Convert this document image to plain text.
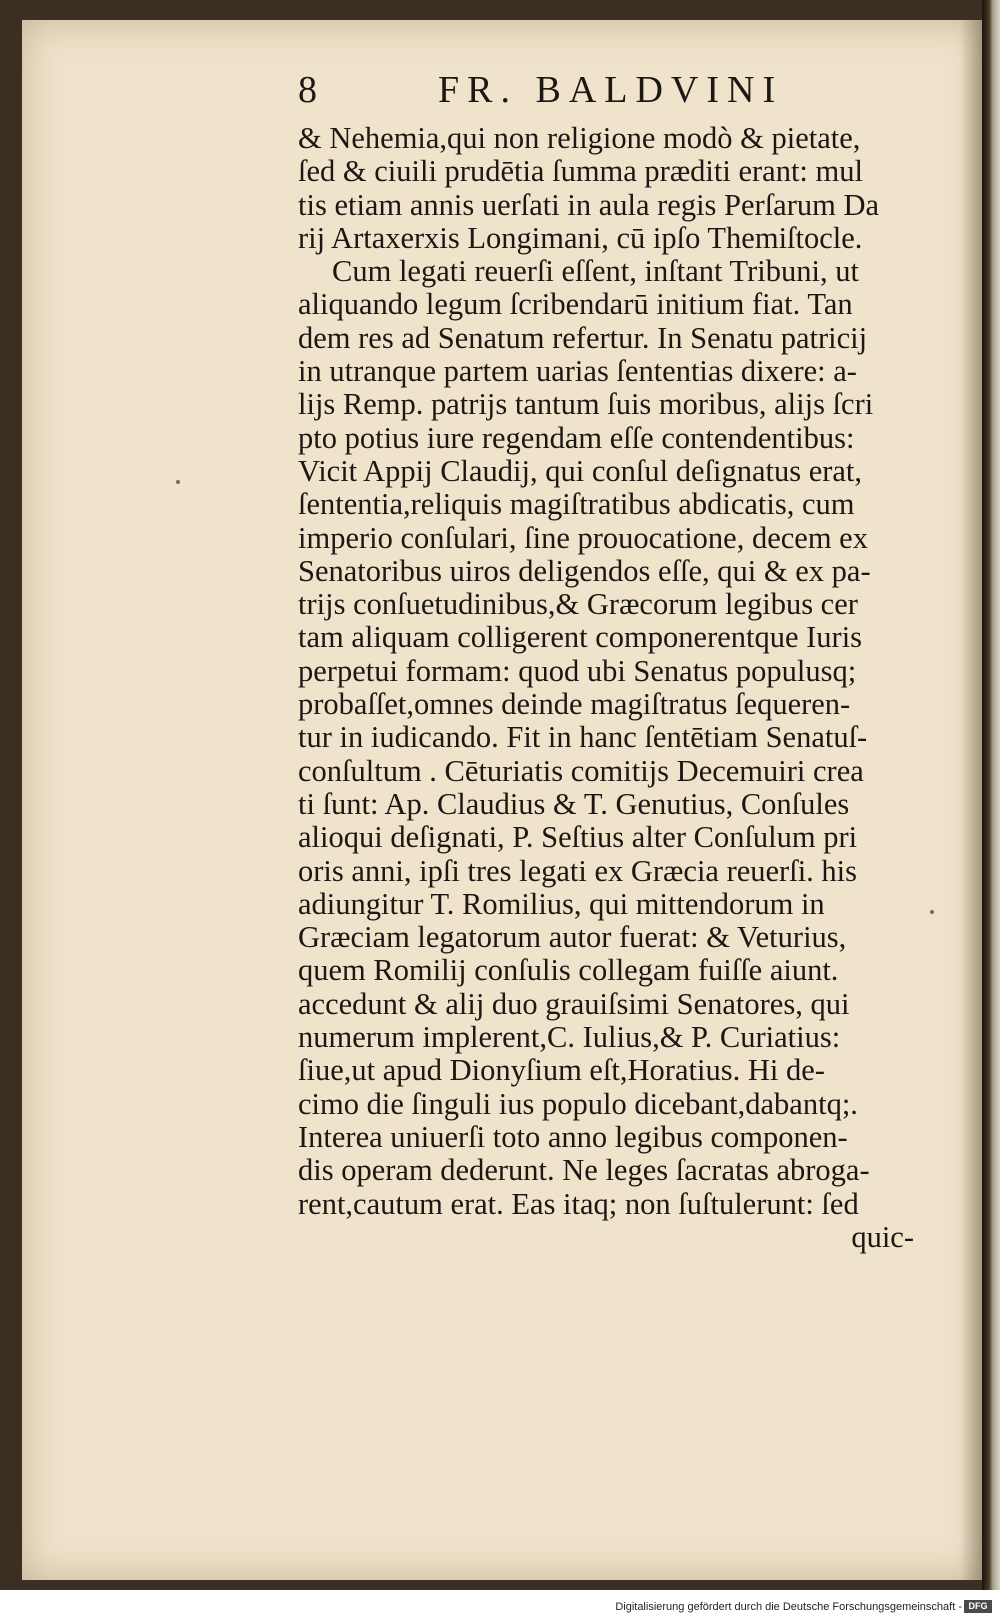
8	FR. BALDVINI
& Nehemia,qui non religione modò & pietate,
ſed & ciuili prudētia ſumma præditi erant: mul
tis etiam annis uerſati in aula regis Perſarum Da
rij Artaxerxis Longimani, cū ipſo Themiſtocle.
Cum legati reuerſi eſſent, inſtant Tribuni, ut
aliquando legum ſcribendarū initium fiat. Tan
dem res ad Senatum refertur. In Senatu patricij
in utranque partem uarias ſententias dixere: a-
lijs Remp. patrijs tantum ſuis moribus, alijs ſcri
pto potius iure regendam eſſe contendentibus:
Vicit Appij Claudij, qui conſul deſignatus erat,
ſententia,reliquis magiſtratibus abdicatis, cum
imperio conſulari, ſine prouocatione, decem ex
Senatoribus uiros deligendos eſſe, qui & ex pa-
trijs conſuetudinibus,& Græcorum legibus cer
tam aliquam colligerent componerentque Iuris
perpetui formam: quod ubi Senatus populusq;
probaſſet,omnes deinde magiſtratus ſequeren-
tur in iudicando. Fit in hanc ſentētiam Senatuſ-
conſultum . Cēturiatis comitijs Decemuiri crea
ti ſunt: Ap. Claudius & T. Genutius, Conſules
alioqui deſignati, P. Seſtius alter Conſulum pri
oris anni, ipſi tres legati ex Græcia reuerſi. his
adiungitur T. Romilius, qui mittendorum in
Græciam legatorum autor fuerat: & Veturius,
quem Romilij conſulis collegam fuiſſe aiunt.
accedunt & alij duo grauiſsimi Senatores, qui
numerum implerent,C. Iulius,& P. Curiatius:
ſiue,ut apud Dionyſium eſt,Horatius. Hi de-
cimo die ſinguli ius populo dicebant,dabantq;.
Interea uniuerſi toto anno legibus componen-
dis operam dederunt. Ne leges ſacratas abroga-
rent,cautum erat. Eas itaq; non ſuſtulerunt: ſed
quic-
Digitalisierung gefördert durch die Deutsche Forschungsgemeinschaft - DFG
